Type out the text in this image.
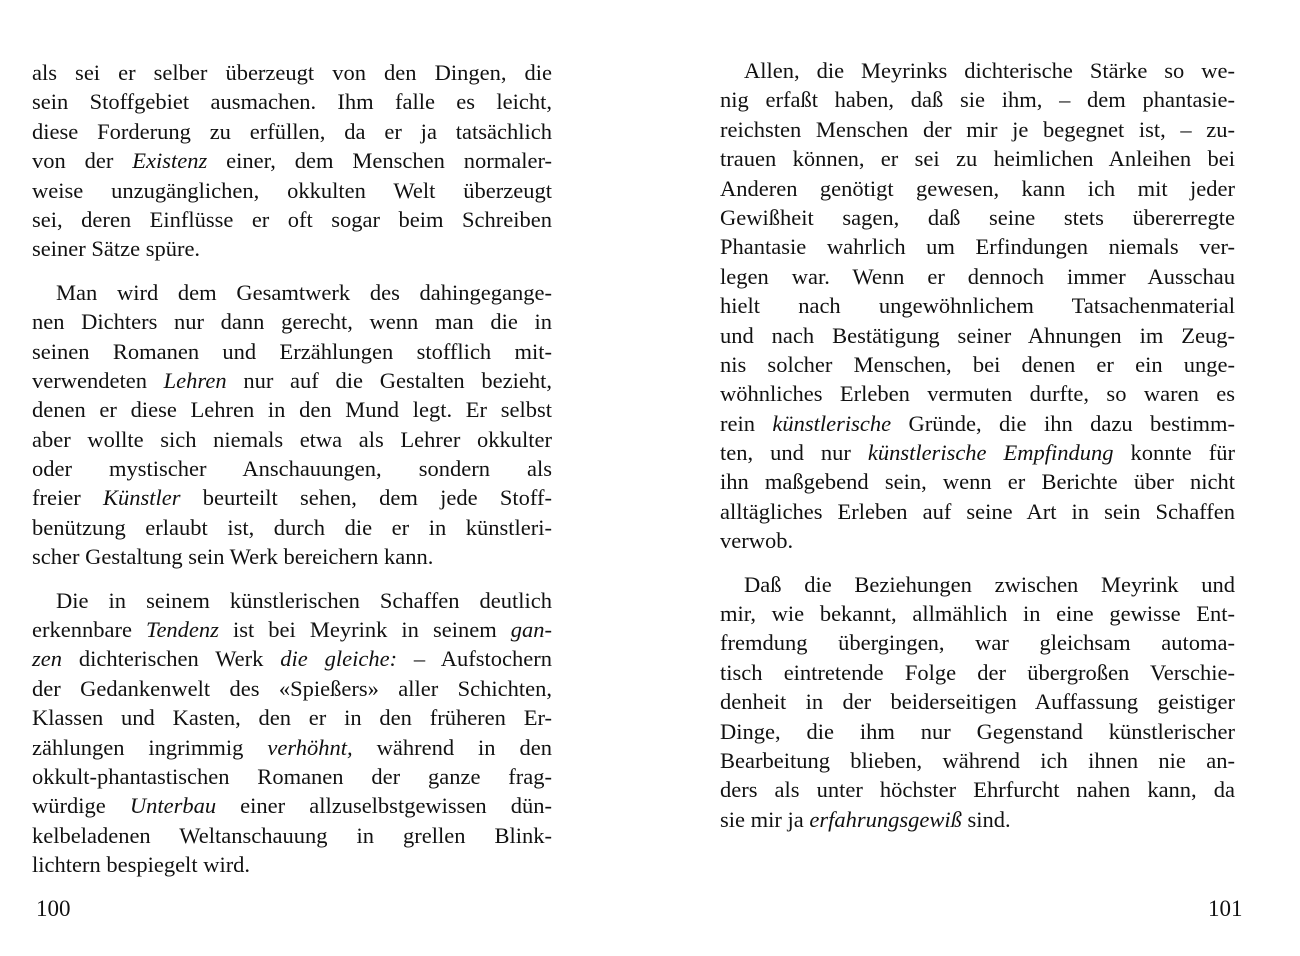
als sei er selber überzeugt von den Dingen, die
sein Stoffgebiet ausmachen. Ihm falle es leicht,
diese Forderung zu erfüllen, da er ja tatsächlich
von der Existenz einer, dem Menschen normaler-
weise unzugänglichen, okkulten Welt überzeugt
sei, deren Einflüsse er oft sogar beim Schreiben
seiner Sätze spüre.
Man wird dem Gesamtwerk des dahingegange-
nen Dichters nur dann gerecht, wenn man die in
seinen Romanen und Erzählungen stofflich mit-
verwendeten Lehren nur auf die Gestalten bezieht,
denen er diese Lehren in den Mund legt. Er selbst
aber wollte sich niemals etwa als Lehrer okkulter
oder mystischer Anschauungen, sondern als
freier Künstler beurteilt sehen, dem jede Stoff-
benützung erlaubt ist, durch die er in künstleri-
scher Gestaltung sein Werk bereichern kann.
Die in seinem künstlerischen Schaffen deutlich
erkennbare Tendenz ist bei Meyrink in seinem gan-
zen dichterischen Werk die gleiche: – Aufstochern
der Gedankenwelt des «Spießers» aller Schichten,
Klassen und Kasten, den er in den früheren Er-
zählungen ingrimmig verhöhnt, während in den
okkult-phantastischen Romanen der ganze frag-
würdige Unterbau einer allzuselbstgewissen dün-
kelbeladenen Weltanschauung in grellen Blink-
lichtern bespiegelt wird.
100
Allen, die Meyrinks dichterische Stärke so we-
nig erfaßt haben, daß sie ihm, – dem phantasie-
reichsten Menschen der mir je begegnet ist, – zu-
trauen können, er sei zu heimlichen Anleihen bei
Anderen genötigt gewesen, kann ich mit jeder
Gewißheit sagen, daß seine stets übererregte
Phantasie wahrlich um Erfindungen niemals ver-
legen war. Wenn er dennoch immer Ausschau
hielt nach ungewöhnlichem Tatsachenmaterial
und nach Bestätigung seiner Ahnungen im Zeug-
nis solcher Menschen, bei denen er ein unge-
wöhnliches Erleben vermuten durfte, so waren es
rein künstlerische Gründe, die ihn dazu bestimm-
ten, und nur künstlerische Empfindung konnte für
ihn maßgebend sein, wenn er Berichte über nicht
alltägliches Erleben auf seine Art in sein Schaffen
verwob.
Daß die Beziehungen zwischen Meyrink und
mir, wie bekannt, allmählich in eine gewisse Ent-
fremdung übergingen, war gleichsam automa-
tisch eintretende Folge der übergroßen Verschie-
denheit in der beiderseitigen Auffassung geistiger
Dinge, die ihm nur Gegenstand künstlerischer
Bearbeitung blieben, während ich ihnen nie an-
ders als unter höchster Ehrfurcht nahen kann, da
sie mir ja erfahrungsgewiß sind.
101
